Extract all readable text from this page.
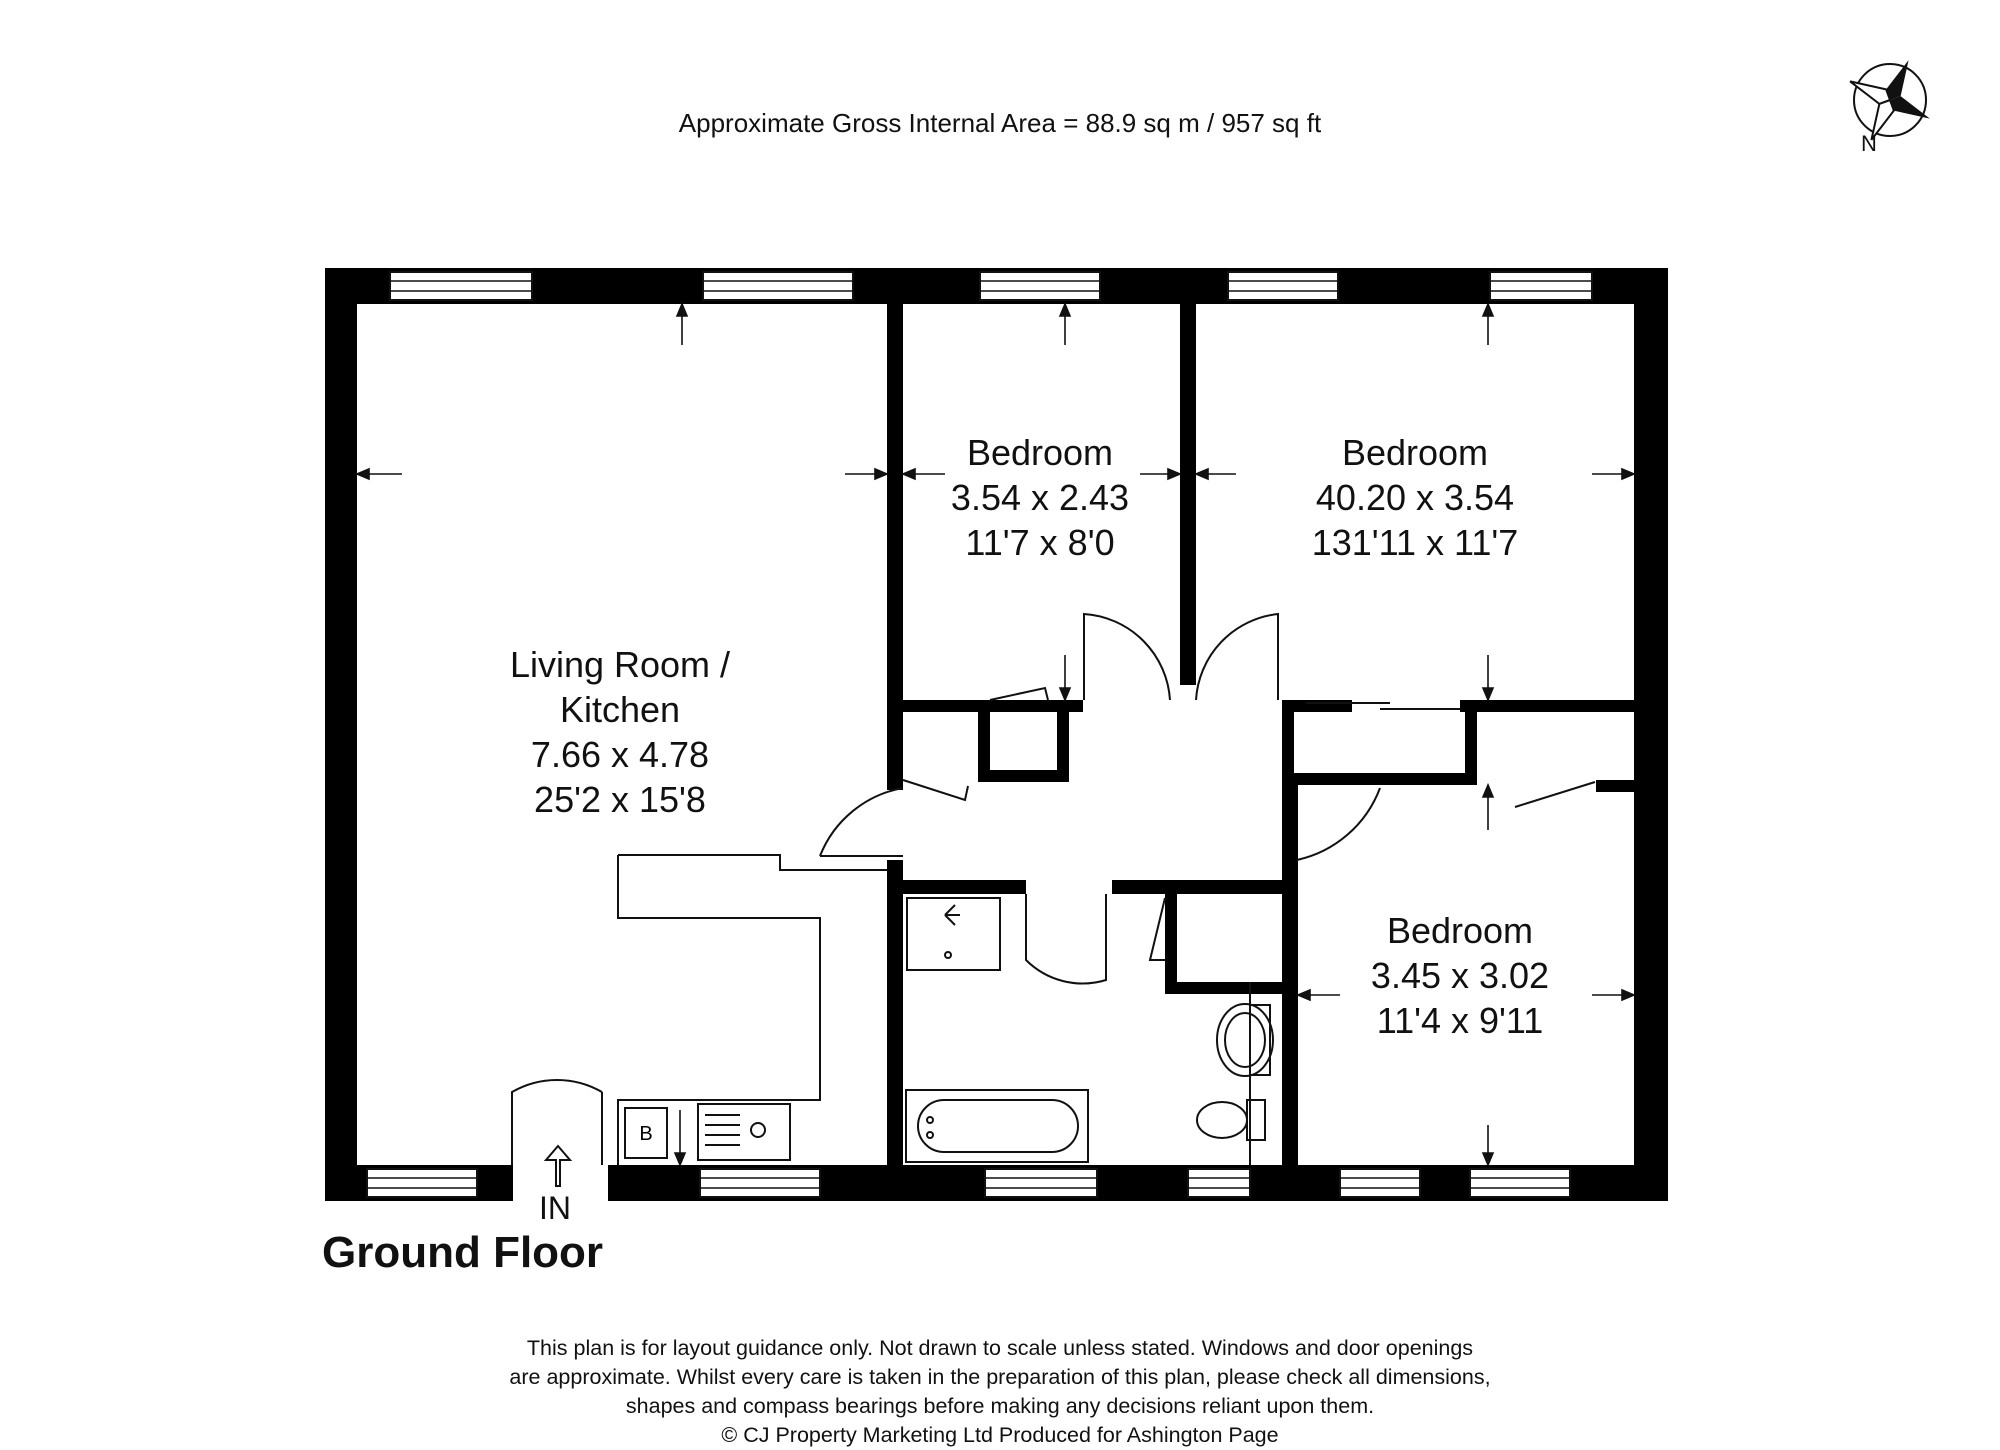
Approximate Gross Internal Area = 88.9 sq m / 957 sq ft
B
Living Room /
Kitchen
7.66 x 4.78
25'2 x 15'8
Bedroom
3.54 x 2.43
11'7 x 8'0
Bedroom
40.20 x 3.54
131'11 x 11'7
Bedroom
3.45 x 3.02
11'4 x 9'11
N
IN
Ground Floor
This plan is for layout guidance only. Not drawn to scale unless stated. Windows and door openings
are approximate. Whilst every care is taken in the preparation of this plan, please check all dimensions,
shapes and compass bearings before making any decisions reliant upon them.
© CJ Property Marketing Ltd Produced for Ashington Page
